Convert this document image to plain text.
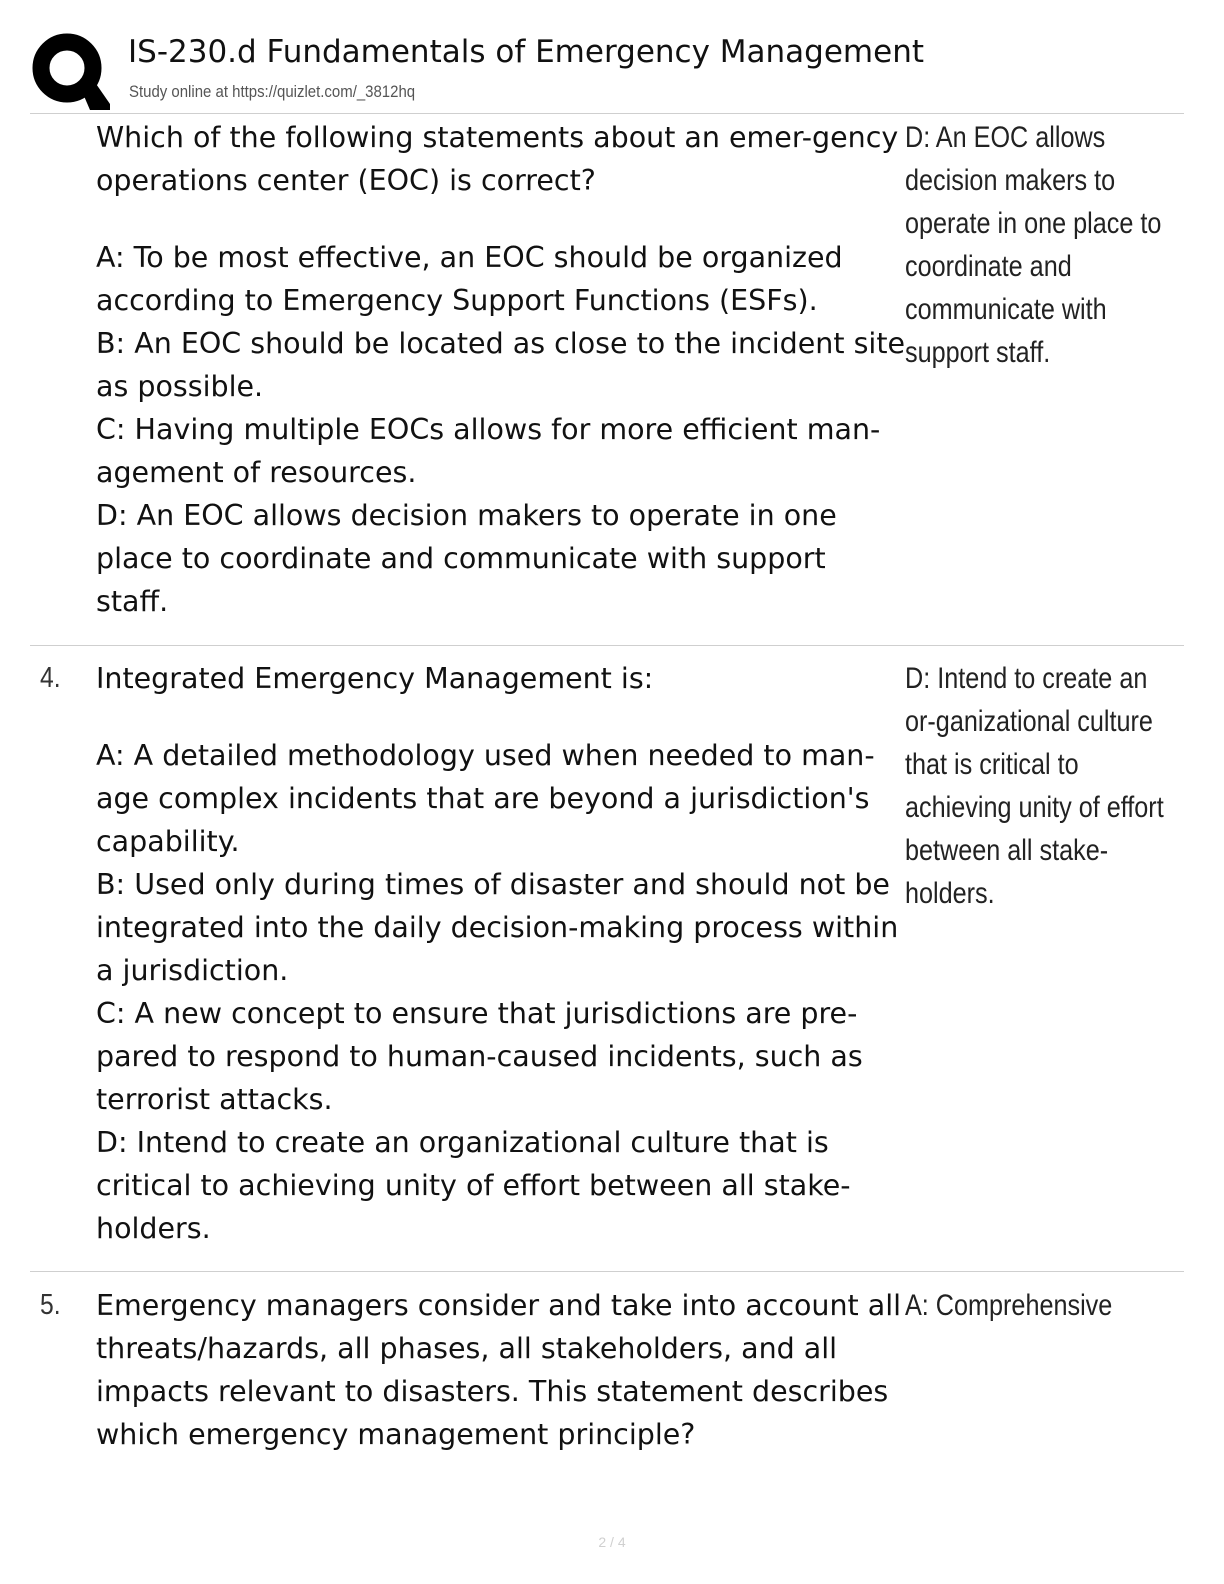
IS-230.d Fundamentals of Emergency Management
Study online at https://quizlet.com/_3812hq

Which of the following statements about an emer-gency operations center (EOC) is correct?

A: To be most effective, an EOC should be organized according to Emergency Support Functions (ESFs).

B: An EOC should be located as close to the incident site as possible.

C: Having multiple EOCs allows for more efficient man-agement of resources.

D: An EOC allows decision makers to operate in one place to coordinate and communicate with support staff.

D: An EOC allows decision makers to operate in one place to coordinate and communicate with support staff.
4. Integrated Emergency Management is:

A: A detailed methodology used when needed to man-age complex incidents that are beyond a jurisdiction's capability.

B: Used only during times of disaster and should not be integrated into the daily decision-making process within a jurisdiction.

C: A new concept to ensure that jurisdictions are pre-pared to respond to human-caused incidents, such as terrorist attacks.

D: Intend to create an organizational culture that is critical to achieving unity of effort between all stake-holders.

D: Intend to create an or-ganizational culture that is critical to achieving unity of effort between all stake-holders.
5. Emergency managers consider and take into account all threats/hazards, all phases, all stakeholders, and all impacts relevant to disasters. This statement describes which emergency management principle?

A: Comprehensive
2 / 4
